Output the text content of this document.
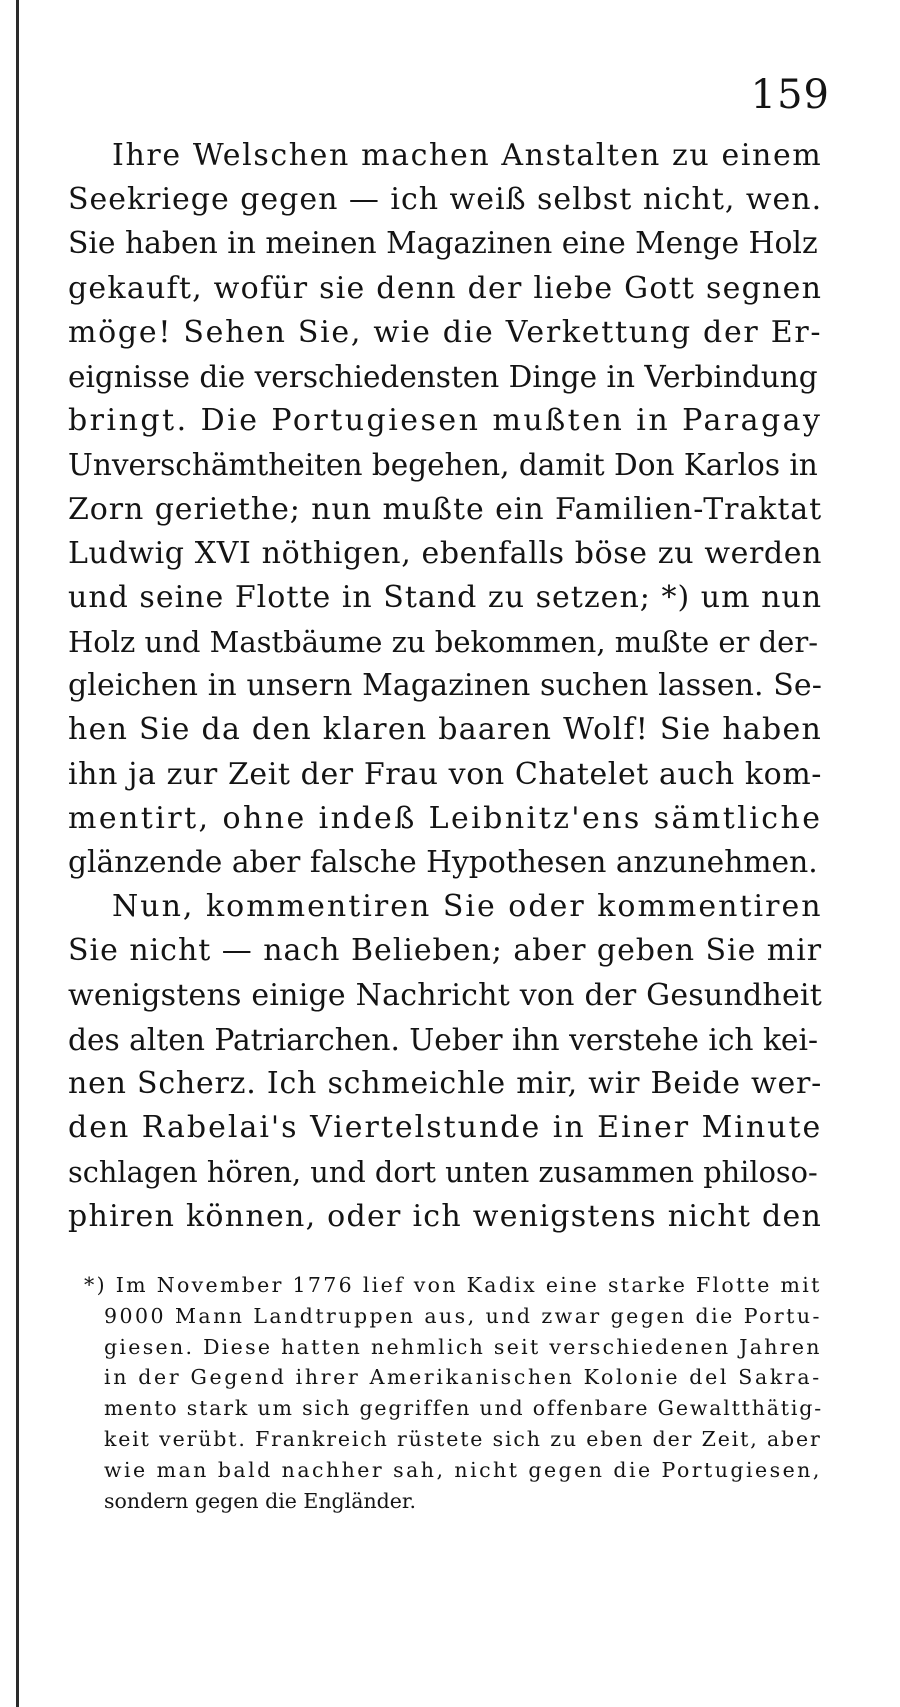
159
Ihre Welschen machen Anstalten zu einem
Seekriege gegen — ich weiß selbst nicht, wen.
Sie haben in meinen Magazinen eine Menge Holz
gekauft, wofür sie denn der liebe Gott segnen
möge! Sehen Sie, wie die Verkettung der Er-
eignisse die verschiedensten Dinge in Verbindung
bringt. Die Portugiesen mußten in Paragay
Unverschämtheiten begehen, damit Don Karlos in
Zorn geriethe; nun mußte ein Familien-Traktat
Ludwig XVI nöthigen, ebenfalls böse zu werden
und seine Flotte in Stand zu setzen; *) um nun
Holz und Mastbäume zu bekommen, mußte er der-
gleichen in unsern Magazinen suchen lassen. Se-
hen Sie da den klaren baaren Wolf! Sie haben
ihn ja zur Zeit der Frau von Chatelet auch kom-
mentirt, ohne indeß Leibnitz'ens sämtliche
glänzende aber falsche Hypothesen anzunehmen.
Nun, kommentiren Sie oder kommentiren
Sie nicht — nach Belieben; aber geben Sie mir
wenigstens einige Nachricht von der Gesundheit
des alten Patriarchen. Ueber ihn verstehe ich kei-
nen Scherz. Ich schmeichle mir, wir Beide wer-
den Rabelai's Viertelstunde in Einer Minute
schlagen hören, und dort unten zusammen philoso-
phiren können, oder ich wenigstens nicht den
*) Im November 1776 lief von Kadix eine starke Flotte mit
9000 Mann Landtruppen aus, und zwar gegen die Portu-
giesen. Diese hatten nehmlich seit verschiedenen Jahren
in der Gegend ihrer Amerikanischen Kolonie del Sakra-
mento stark um sich gegriffen und offenbare Gewaltthätig-
keit verübt. Frankreich rüstete sich zu eben der Zeit, aber
wie man bald nachher sah, nicht gegen die Portugiesen,
sondern gegen die Engländer.
